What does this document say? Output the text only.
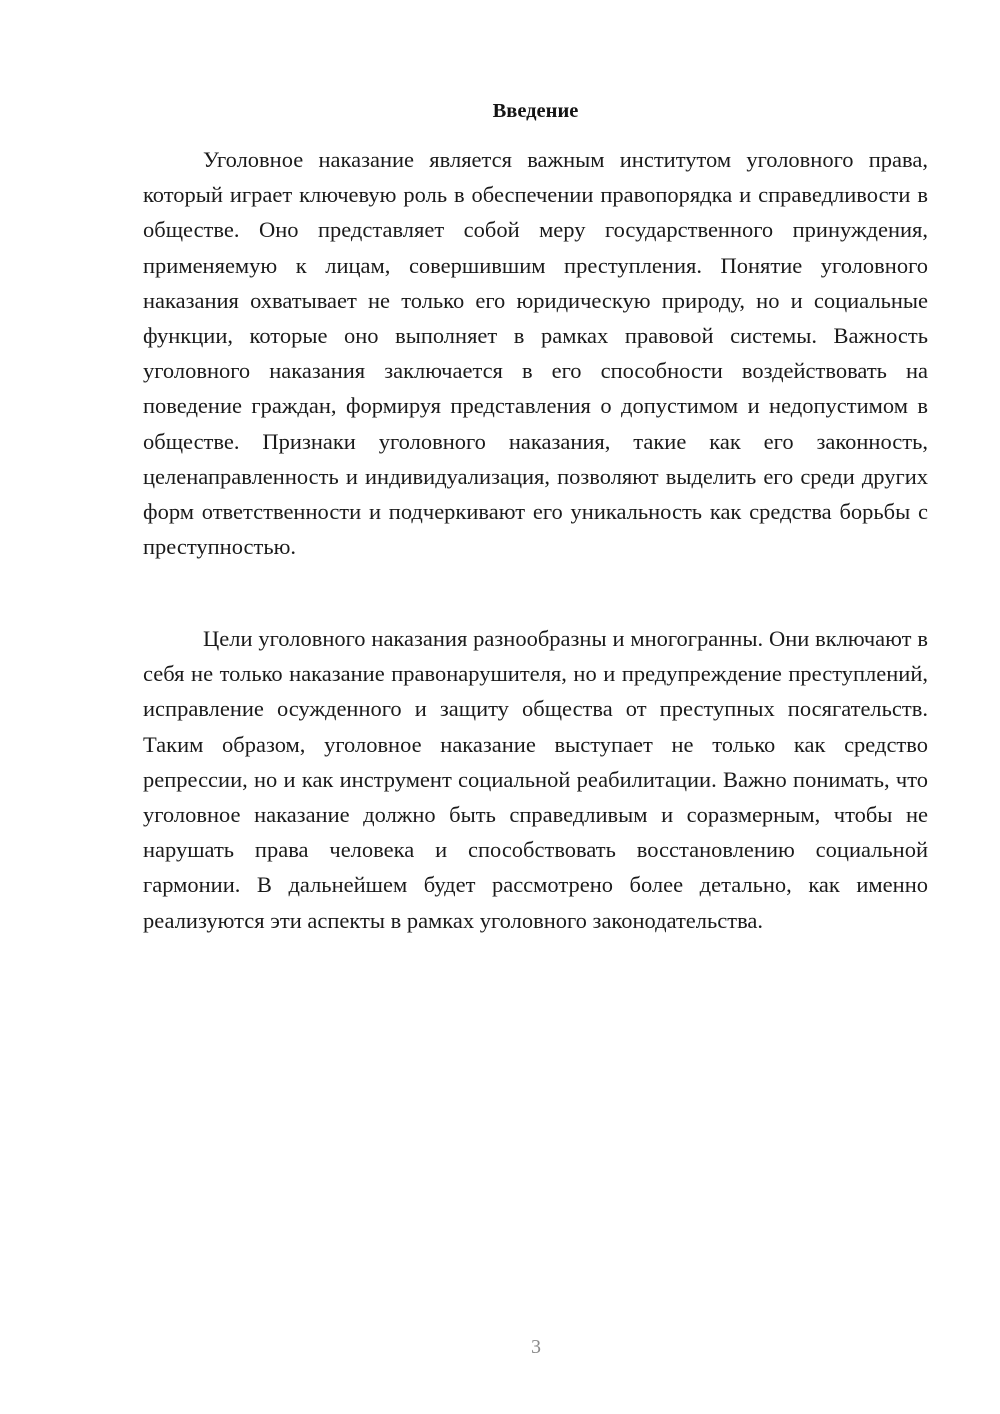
Введение

Уголовное наказание является важным институтом уголовного права, который играет ключевую роль в обеспечении правопорядка и справедливости в обществе. Оно представляет собой меру государственного принуждения, применяемую к лицам, совершившим преступления. Понятие уголовного наказания охватывает не только его юридическую природу, но и социальные функции, которые оно выполняет в рамках правовой системы. Важность уголовного наказания заключается в его способности воздействовать на поведение граждан, формируя представления о допустимом и недопустимом в обществе. Признаки уголовного наказания, такие как его законность, целенаправленность и индивидуализация, позволяют выделить его среди других форм ответственности и подчеркивают его уникальность как средства борьбы с преступностью.

Цели уголовного наказания разнообразны и многогранны. Они включают в себя не только наказание правонарушителя, но и предупреждение преступлений, исправление осужденного и защиту общества от преступных посягательств. Таким образом, уголовное наказание выступает не только как средство репрессии, но и как инструмент социальной реабилитации. Важно понимать, что уголовное наказание должно быть справедливым и соразмерным, чтобы не нарушать права человека и способствовать восстановлению социальной гармонии. В дальнейшем будет рассмотрено более детально, как именно реализуются эти аспекты в рамках уголовного законодательства.

3
